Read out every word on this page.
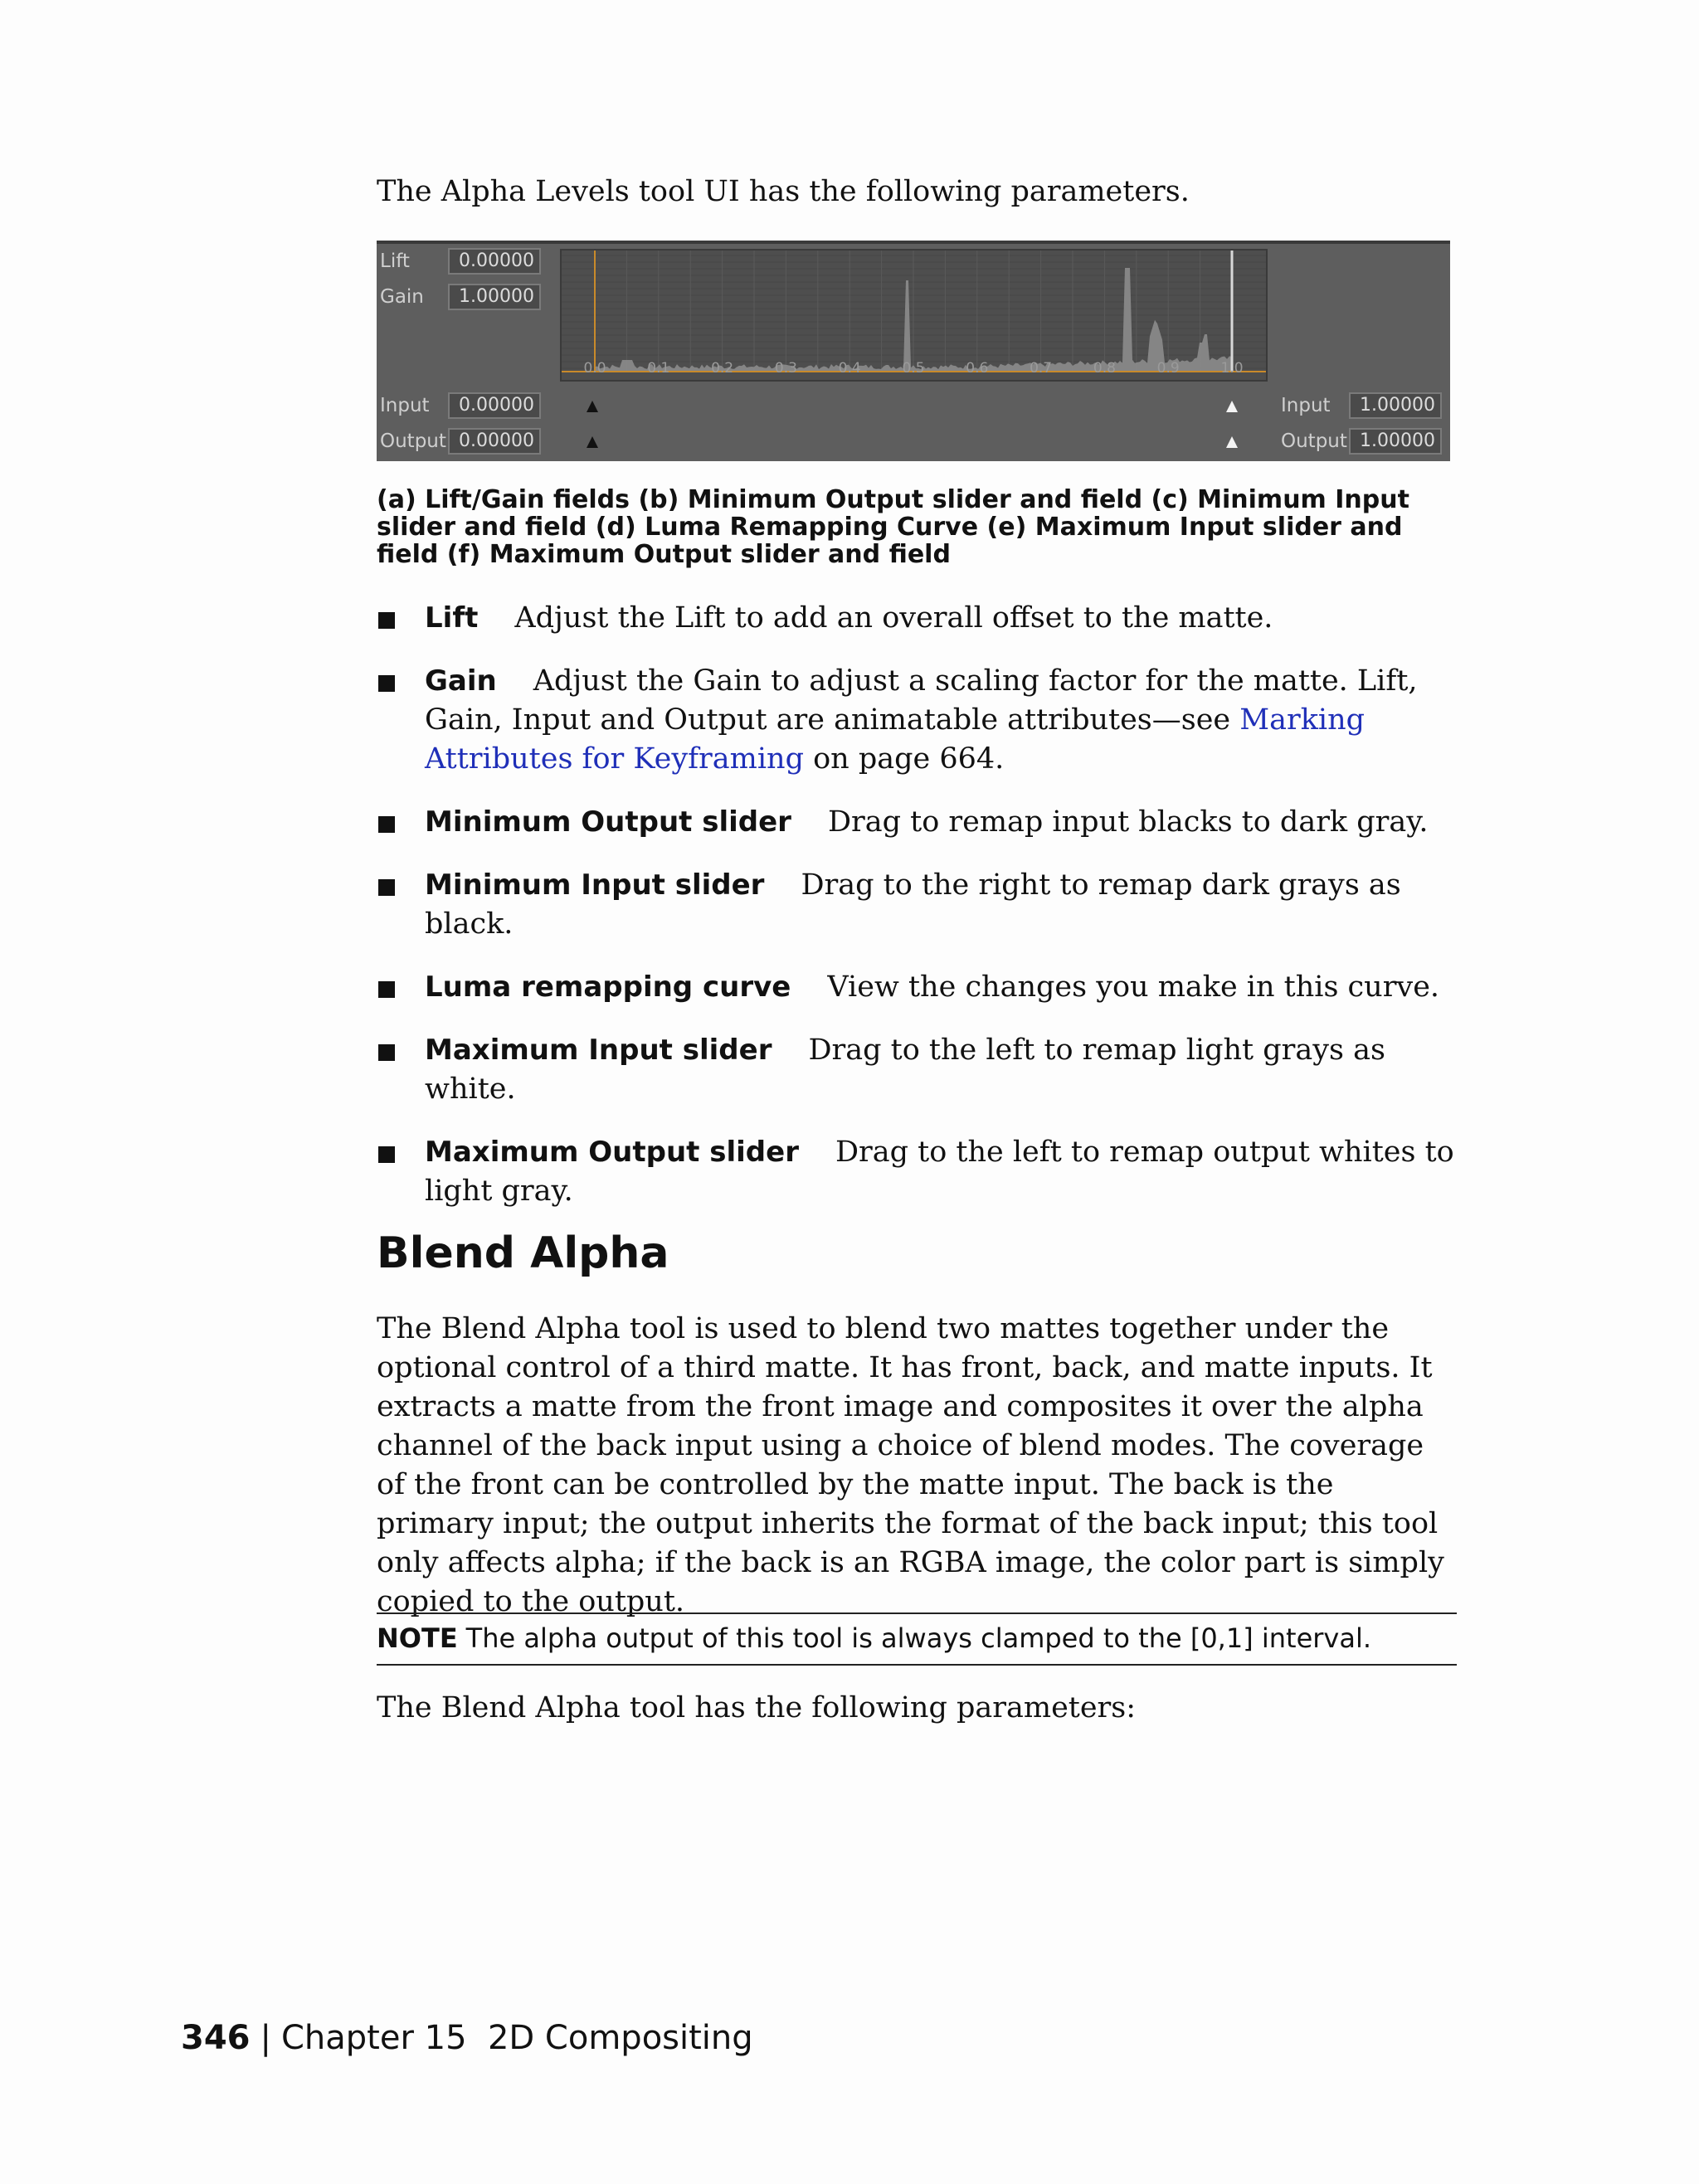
The Alpha Levels tool UI has the following parameters.
Lift	0.00000
Gain	1.00000
0.0	0.1	0.2	0.3	0.4	0.5	0.6	0.7	0.8	0.9	1.0
Input	0.00000
Output 0.00000
Input	1.00000
Output 1.00000
(a) Lift/Gain fields (b) Minimum Output slider and field (c) Minimum Input slider and field (d) Luma Remapping Curve (e) Maximum Input slider and field (f) Maximum Output slider and field
Lift Adjust the Lift to add an overall offset to the matte.
Gain Adjust the Gain to adjust a scaling factor for the matte. Lift, Gain, Input and Output are animatable attributes—see Marking Attributes for Keyframing on page 664.
Minimum Output slider Drag to remap input blacks to dark gray.
Minimum Input slider Drag to the right to remap dark grays as black.
Luma remapping curve View the changes you make in this curve.
Maximum Input slider Drag to the left to remap light grays as white.
Maximum Output slider Drag to the left to remap output whites to light gray.
Blend Alpha
The Blend Alpha tool is used to blend two mattes together under the optional control of a third matte. It has front, back, and matte inputs. It extracts a matte from the front image and composites it over the alpha channel of the back input using a choice of blend modes. The coverage of the front can be controlled by the matte input. The back is the primary input; the output inherits the format of the back input; this tool only affects alpha; if the back is an RGBA image, the color part is simply copied to the output.
NOTE The alpha output of this tool is always clamped to the [0,1] interval.
The Blend Alpha tool has the following parameters:
346 | Chapter 15 2D Compositing
